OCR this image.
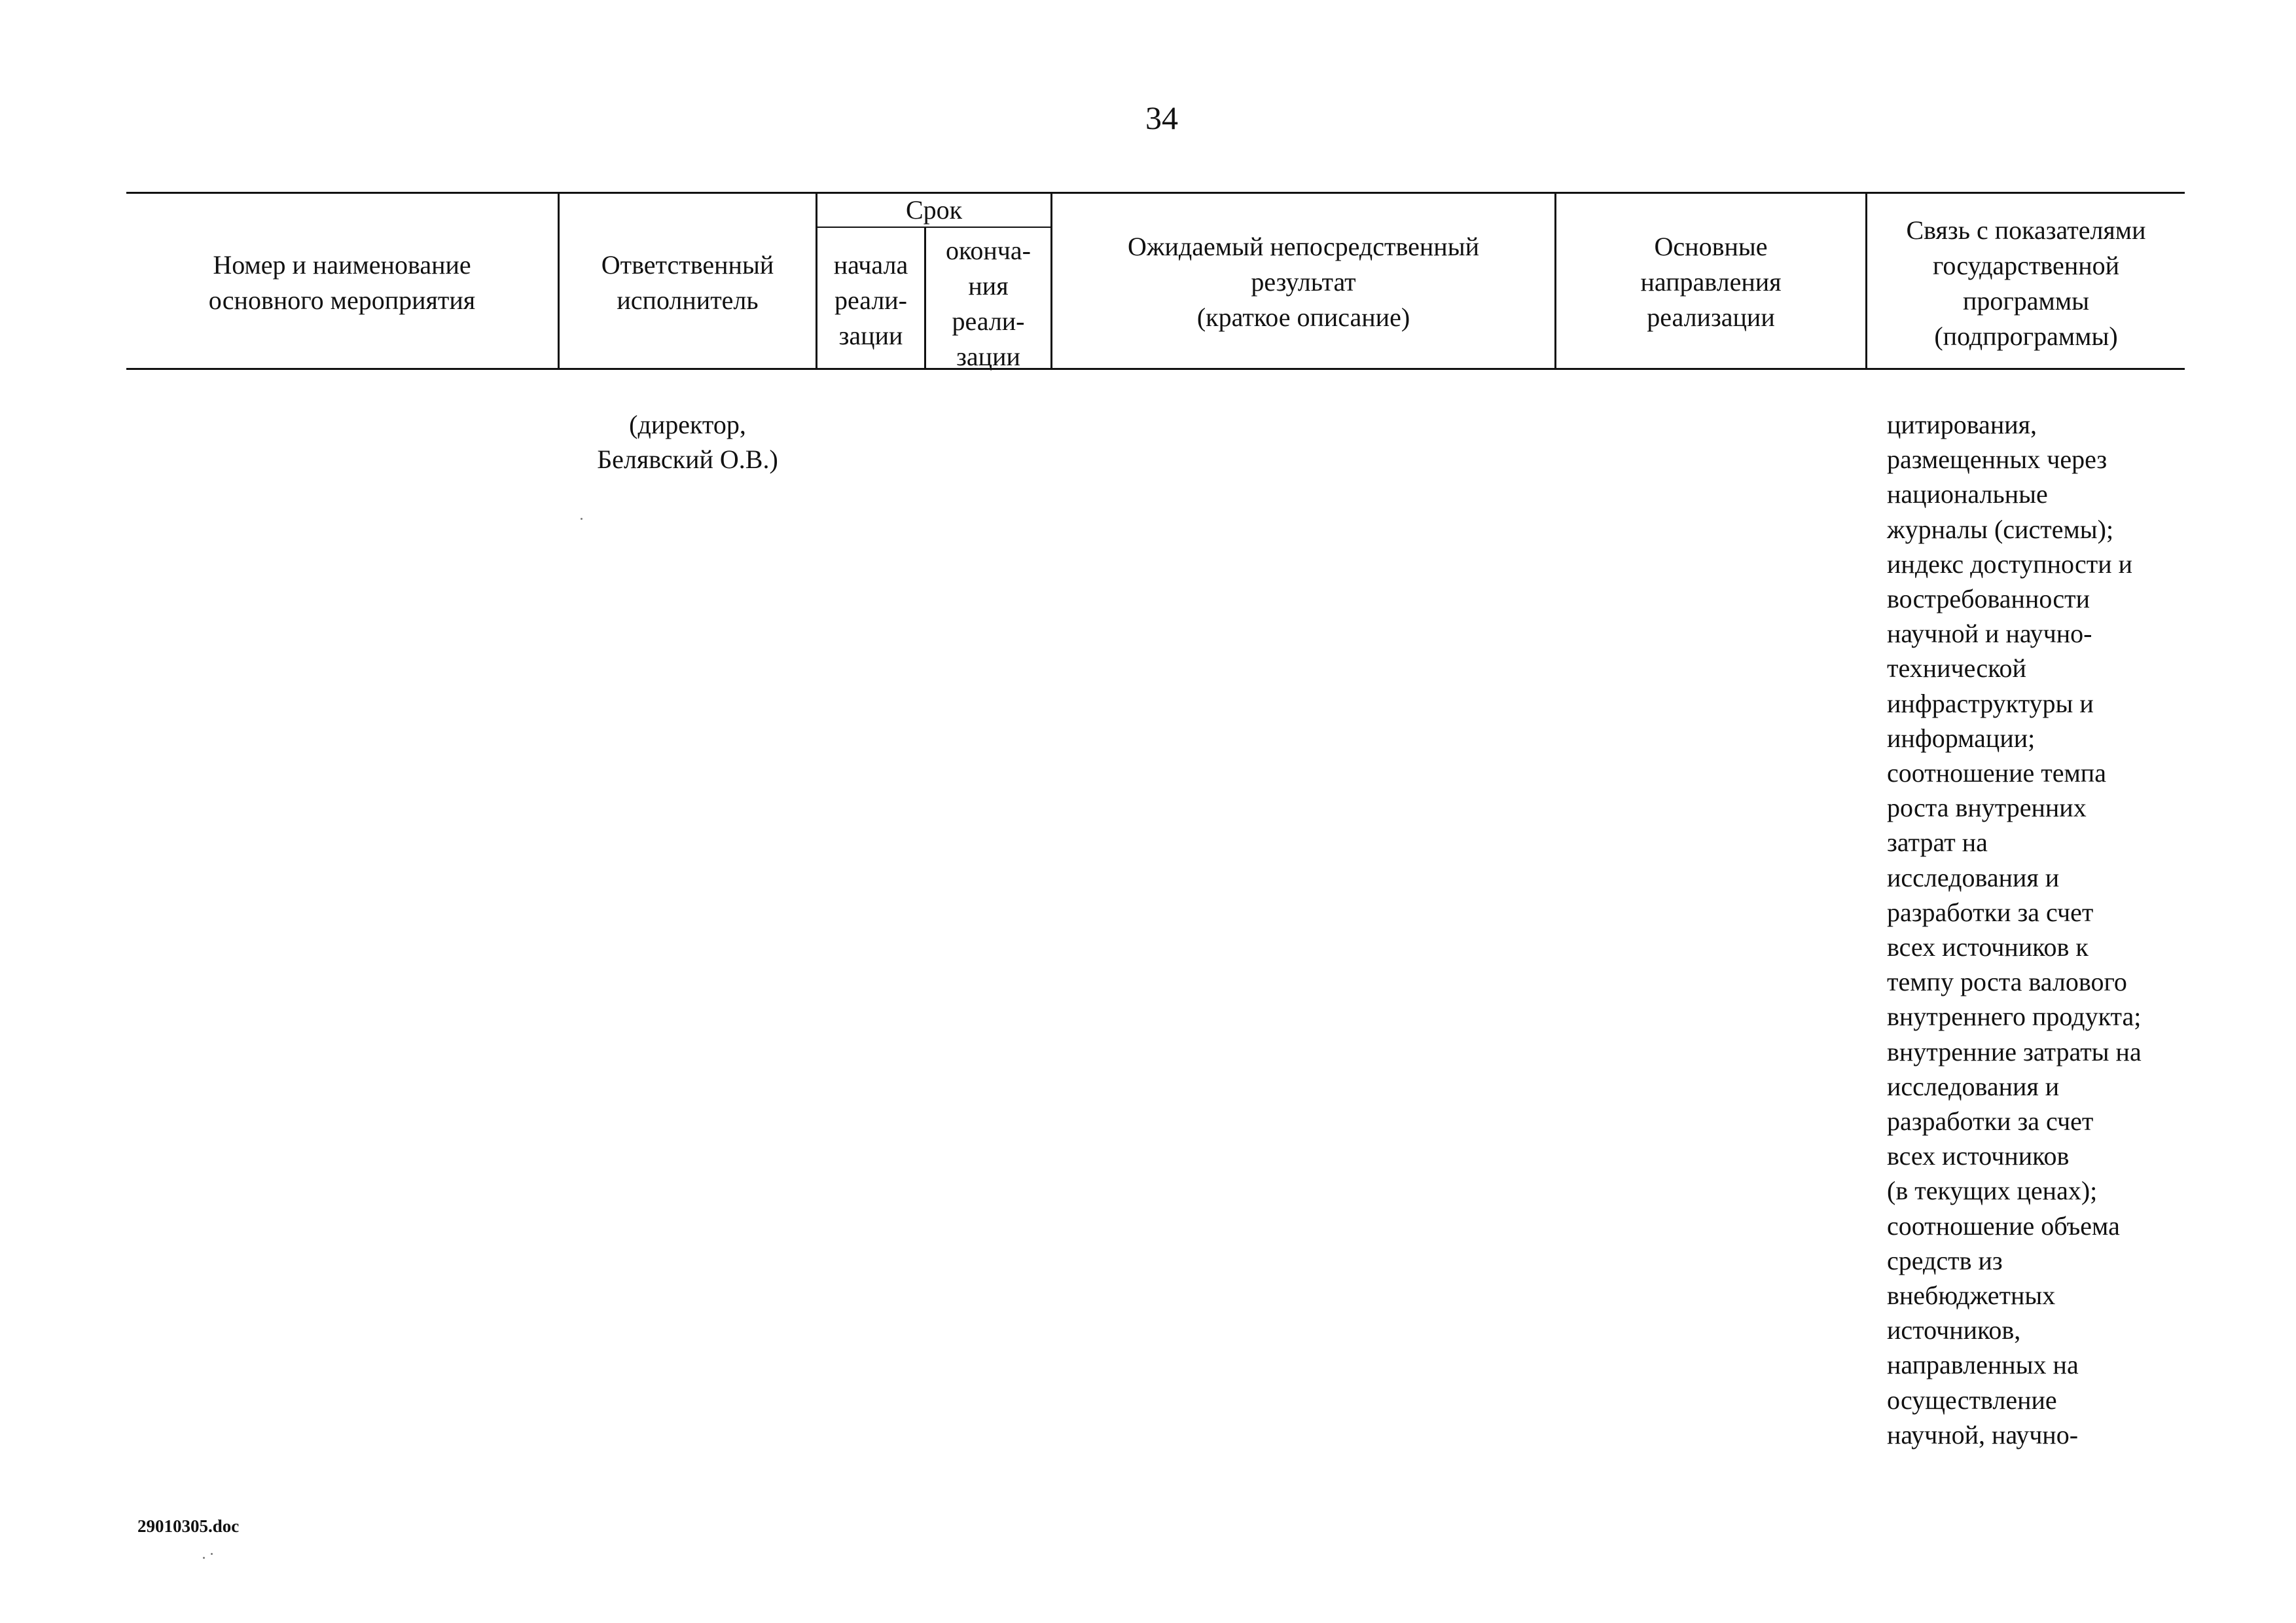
34
Номер и наименование
основного мероприятия
Ответственный
исполнитель
Срок
начала
реали-
зации
оконча-
ния
реали-
зации
Ожидаемый непосредственный
результат
(краткое описание)
Основные
направления
реализации
Связь с показателями
государственной
программы
(подпрограммы)
(директор,
Белявский О.В.)
цитирования,
размещенных через
национальные
журналы (системы);
индекс доступности и
востребованности
научной и научно-
технической
инфраструктуры и
информации;
соотношение темпа
роста внутренних
затрат на
исследования и
разработки за счет
всех источников к
темпу роста валового
внутреннего продукта;
внутренние затраты на
исследования и
разработки за счет
всех источников
(в текущих ценах);
соотношение объема
средств из
внебюджетных
источников,
направленных на
осуществление
научной, научно-
29010305.doc
